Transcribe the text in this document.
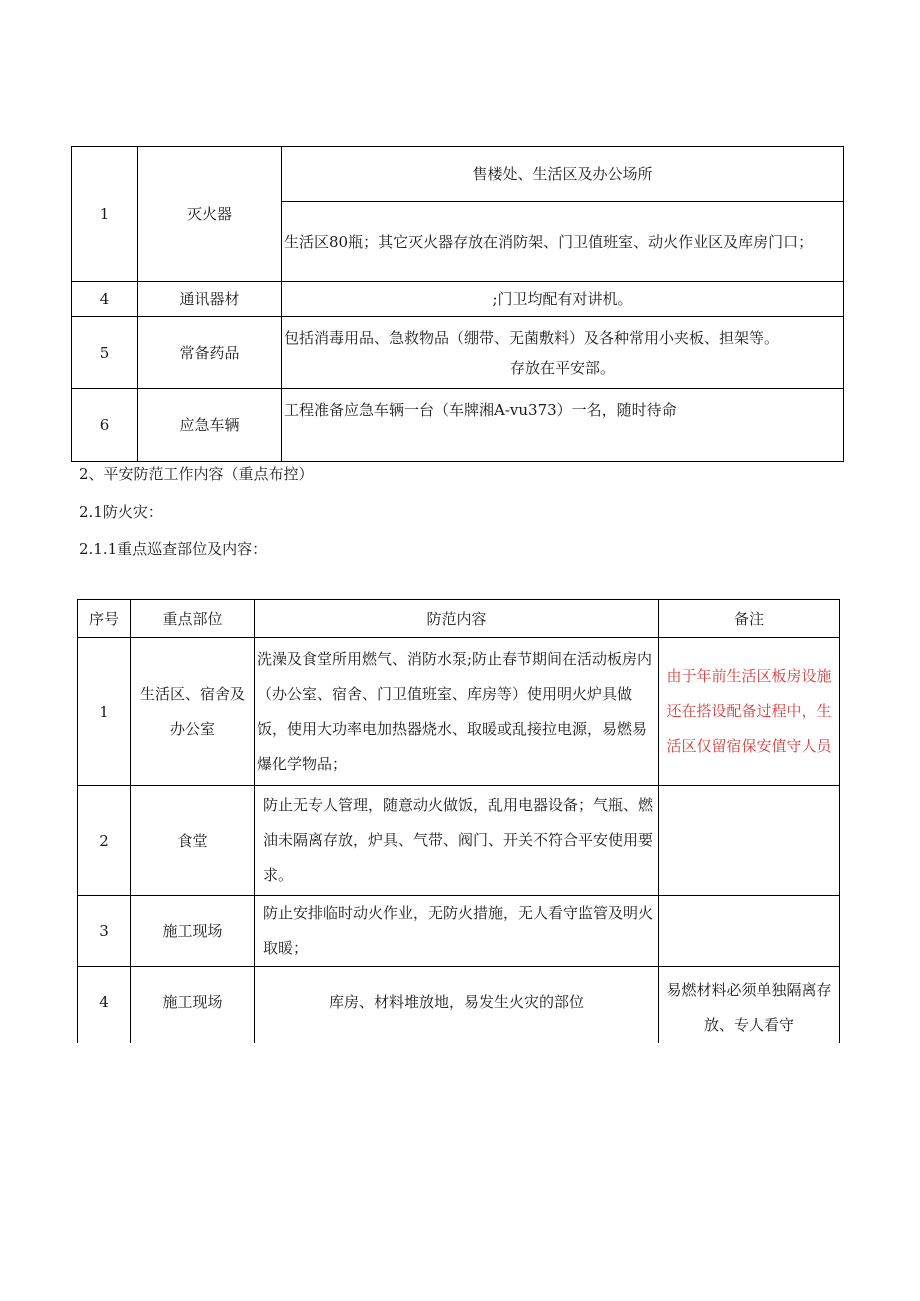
1	灭火器	售楼处、生活区及办公场所
		生活区80瓶；其它灭火器存放在消防架、门卫值班室、动火作业区及库房门口；
4	通讯器材	;门卫均配有对讲机。
5	常备药品	包括消毒用品、急救物品（绷带、无菌敷料）及各种常用小夹板、担架等。
存放在平安部。

6	应急车辆	工程准备应急车辆一台（车牌湘A-vu373）一名，随时待命
2、平安防范工作内容（重点布控）
2.1防火灾：
2.1.1重点巡查部位及内容：
序号	重点部位	防范内容	备注
1	生活区、宿舍及办公室	洗澡及食堂所用燃气、消防水泵;防止春节期间在活动板房内（办公室、宿舍、门卫值班室、库房等）使用明火炉具做饭，使用大功率电加热器烧水、取暖或乱接拉电源，易燃易爆化学物品；	由于年前生活区板房设施还在搭设配备过程中，生活区仅留宿保安值守人员
2	食堂	防止无专人管理，随意动火做饭，乱用电器设备；气瓶、燃油未隔离存放，炉具、气带、阀门、开关不符合平安使用要求。	
3	施工现场	防止安排临时动火作业，无防火措施，无人看守监管及明火取暖；	
4	施工现场	库房、材料堆放地，易发生火灾的部位	易燃材料必须单独隔离存放、专人看守
